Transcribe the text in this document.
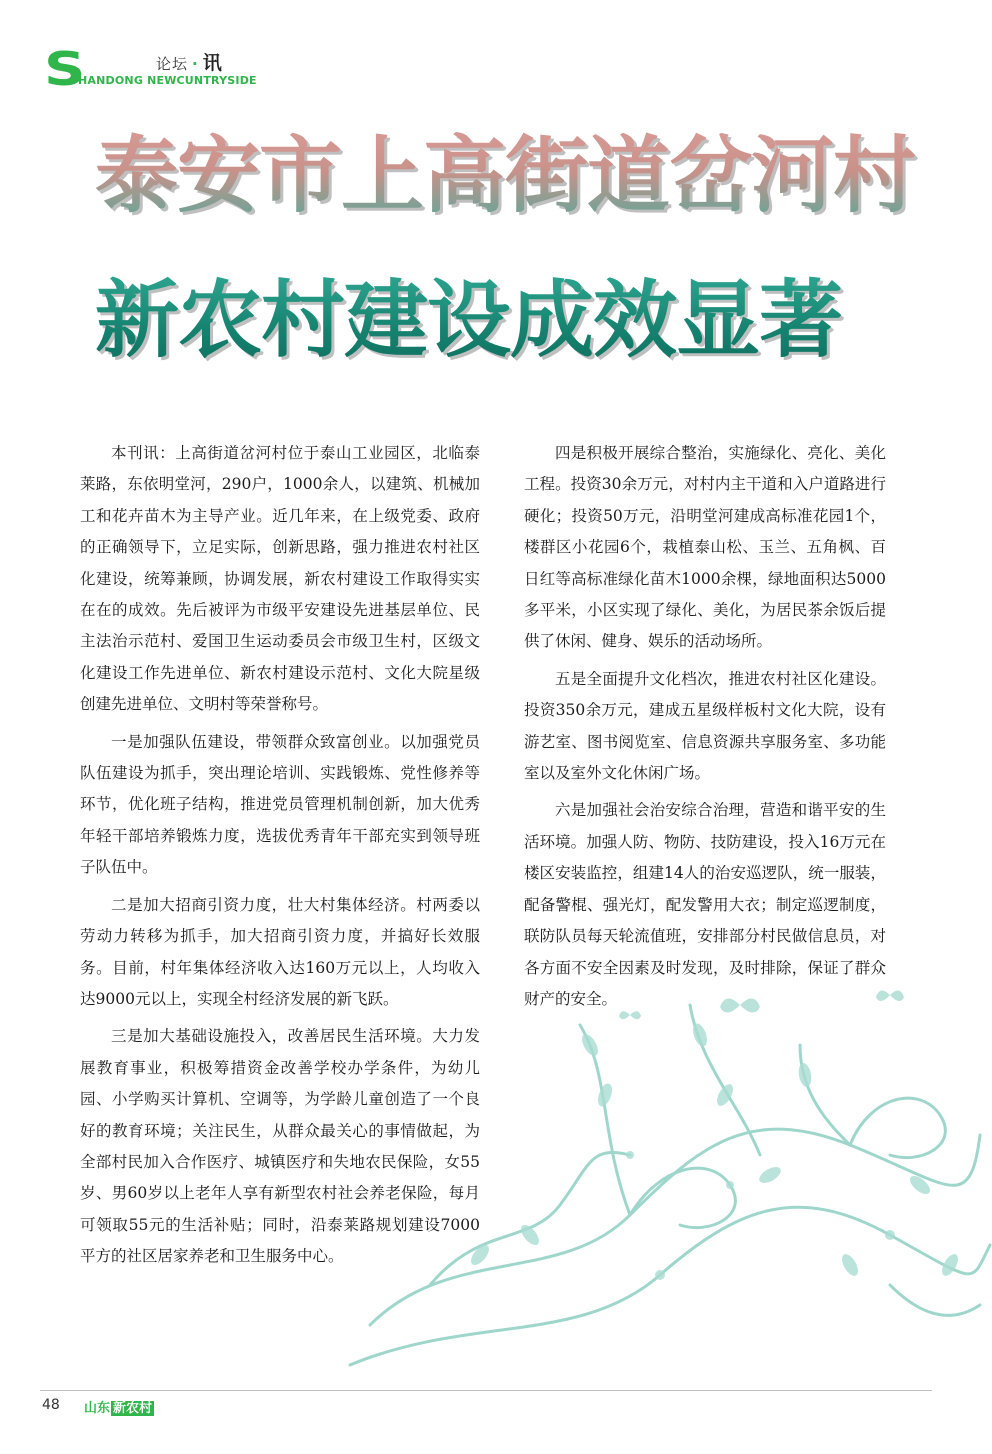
S	论坛 · 讯
HANDONG NEWCUNTRYSIDE
泰安市上高街道岔河村
新农村建设成效显著

本刊讯：上高街道岔河村位于泰山工业园区，北临泰莱路，东依明堂河，290户，1000余人，以建筑、机械加工和花卉苗木为主导产业。近几年来，在上级党委、政府的正确领导下，立足实际，创新思路，强力推进农村社区化建设，统筹兼顾，协调发展，新农村建设工作取得实实在在的成效。先后被评为市级平安建设先进基层单位、民主法治示范村、爱国卫生运动委员会市级卫生村，区级文化建设工作先进单位、新农村建设示范村、文化大院星级创建先进单位、文明村等荣誉称号。

一是加强队伍建设，带领群众致富创业。以加强党员队伍建设为抓手，突出理论培训、实践锻炼、党性修养等环节，优化班子结构，推进党员管理机制创新，加大优秀年轻干部培养锻炼力度，选拔优秀青年干部充实到领导班子队伍中。

二是加大招商引资力度，壮大村集体经济。村两委以劳动力转移为抓手，加大招商引资力度，并搞好长效服务。目前，村年集体经济收入达160万元以上，人均收入达9000元以上，实现全村经济发展的新飞跃。

三是加大基础设施投入，改善居民生活环境。大力发展教育事业，积极筹措资金改善学校办学条件，为幼儿园、小学购买计算机、空调等，为学龄儿童创造了一个良好的教育环境；关注民生，从群众最关心的事情做起，为全部村民加入合作医疗、城镇医疗和失地农民保险，女55岁、男60岁以上老年人享有新型农村社会养老保险，每月可领取55元的生活补贴；同时，沿泰莱路规划建设7000平方的社区居家养老和卫生服务中心。

四是积极开展综合整治，实施绿化、亮化、美化工程。投资30余万元，对村内主干道和入户道路进行硬化；投资50万元，沿明堂河建成高标准花园1个，楼群区小花园6个，栽植泰山松、玉兰、五角枫、百日红等高标准绿化苗木1000余棵，绿地面积达5000多平米，小区实现了绿化、美化，为居民茶余饭后提供了休闲、健身、娱乐的活动场所。

五是全面提升文化档次，推进农村社区化建设。投资350余万元，建成五星级样板村文化大院，设有游艺室、图书阅览室、信息资源共享服务室、多功能室以及室外文化休闲广场。

六是加强社会治安综合治理，营造和谐平安的生活环境。加强人防、物防、技防建设，投入16万元在楼区安装监控，组建14人的治安巡逻队，统一服装，配备警棍、强光灯，配发警用大衣；制定巡逻制度，联防队员每天轮流值班，安排部分村民做信息员，对各方面不安全因素及时发现，及时排除，保证了群众财产的安全。

48 山东 新农村
